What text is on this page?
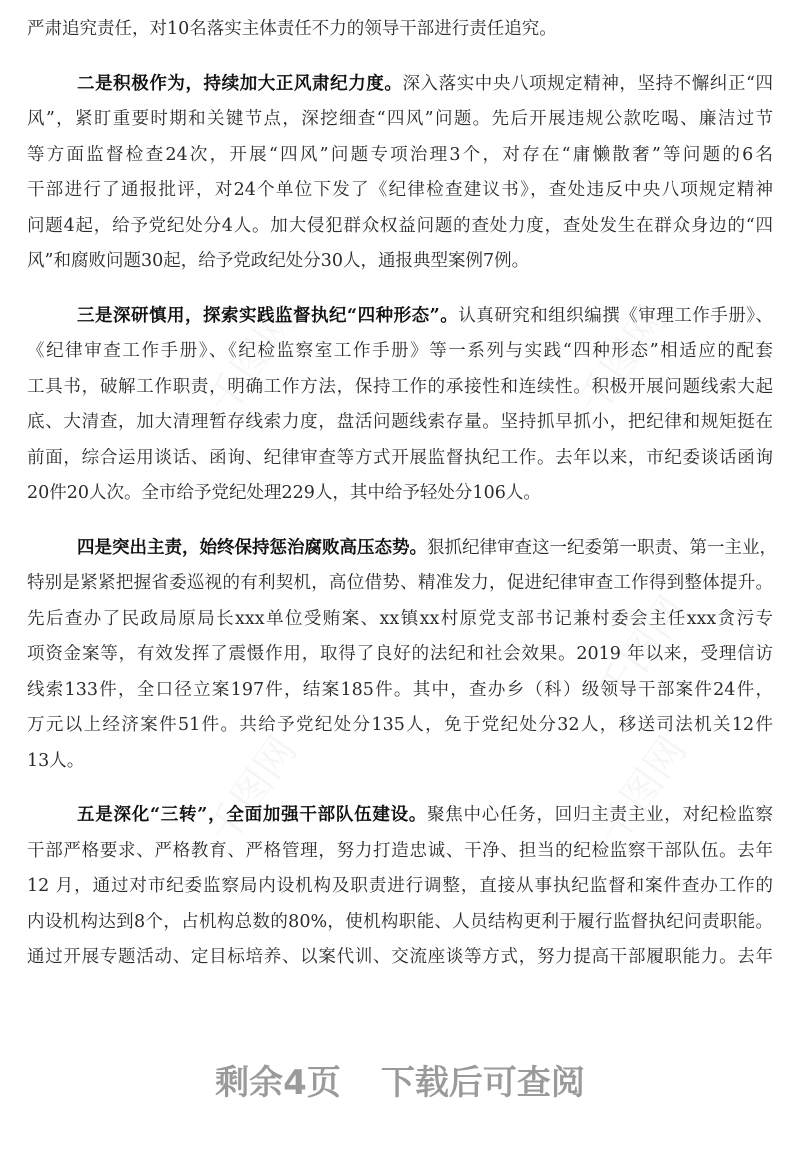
严肃追究责任，对10名落实主体责任不力的领导干部进行责任追究。
二是积极作为，持续加大正风肃纪力度。深入落实中央八项规定精神，坚持不懈纠正“四
风”，紧盯重要时期和关键节点，深挖细查“四风”问题。先后开展违规公款吃喝、廉洁过节
等方面监督检查24次，开展“四风”问题专项治理3个，对存在“庸懒散奢”等问题的6名
干部进行了通报批评，对24个单位下发了《纪律检查建议书》，查处违反中央八项规定精神
问题4起，给予党纪处分4人。加大侵犯群众权益问题的查处力度，查处发生在群众身边的“四
风”和腐败问题30起，给予党政纪处分30人，通报典型案例7例。
三是深研慎用，探索实践监督执纪“四种形态”。认真研究和组织编撰《审理工作手册》、
《纪律审查工作手册》、《纪检监察室工作手册》等一系列与实践“四种形态”相适应的配套
工具书，破解工作职责，明确工作方法，保持工作的承接性和连续性。积极开展问题线索大起
底、大清查，加大清理暂存线索力度，盘活问题线索存量。坚持抓早抓小，把纪律和规矩挺在
前面，综合运用谈话、函询、纪律审查等方式开展监督执纪工作。去年以来，市纪委谈话函询
20件20人次。全市给予党纪处理229人，其中给予轻处分106人。
四是突出主责，始终保持惩治腐败高压态势。狠抓纪律审查这一纪委第一职责、第一主业，
特别是紧紧把握省委巡视的有利契机，高位借势、精准发力，促进纪律审查工作得到整体提升。
先后查办了民政局原局长xxx单位受贿案、xx镇xx村原党支部书记兼村委会主任xxx贪污专
项资金案等，有效发挥了震慑作用，取得了良好的法纪和社会效果。2019 年以来，受理信访
线索133件，全口径立案197件，结案185件。其中，查办乡（科）级领导干部案件24件，
万元以上经济案件51件。共给予党纪处分135人，免于党纪处分32人，移送司法机关12件
13人。
五是深化“三转”，全面加强干部队伍建设。聚焦中心任务，回归主责主业，对纪检监察
干部严格要求、严格教育、严格管理，努力打造忠诚、干净、担当的纪检监察干部队伍。去年
12 月，通过对市纪委监察局内设机构及职责进行调整，直接从事执纪监督和案件查办工作的
内设机构达到8个，占机构总数的80%，使机构职能、人员结构更利于履行监督执纪问责职能。
通过开展专题活动、定目标培养、以案代训、交流座谈等方式，努力提高干部履职能力。去年
剩余4页 下载后可查阅
